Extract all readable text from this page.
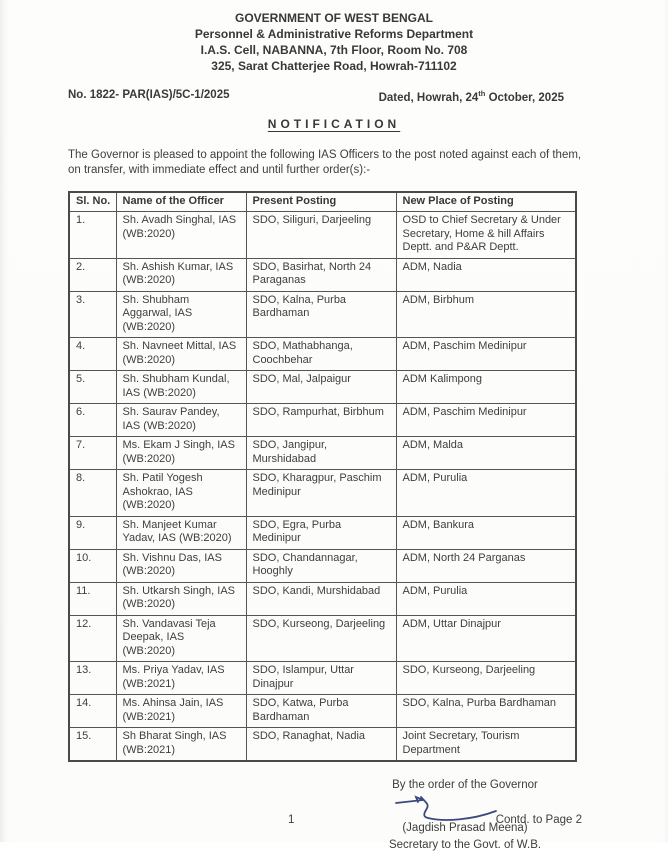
GOVERNMENT OF WEST BENGAL
Personnel & Administrative Reforms Department
I.A.S. Cell, NABANNA, 7th Floor, Room No. 708
325, Sarat Chatterjee Road, Howrah-711102
No. 1822- PAR(IAS)/5C-1/2025	Dated, Howrah, 24th October, 2025
NOTIFICATION

The Governor is pleased to appoint the following IAS Officers to the post noted against each of them, on transfer, with immediate effect and until further order(s):-

Sl. No.	Name of the Officer	Present Posting	New Place of Posting
1.	Sh. Avadh Singhal, IAS (WB:2020)	SDO, Siliguri, Darjeeling	OSD to Chief Secretary & Under Secretary, Home & hill Affairs Deptt. and P&AR Deptt.
2.	Sh. Ashish Kumar, IAS (WB:2020)	SDO, Basirhat, North 24 Paraganas	ADM, Nadia
3.	Sh. Shubham Aggarwal, IAS (WB:2020)	SDO, Kalna, Purba Bardhaman	ADM, Birbhum
4.	Sh. Navneet Mittal, IAS (WB:2020)	SDO, Mathabhanga, Coochbehar	ADM, Paschim Medinipur
5.	Sh. Shubham Kundal, IAS (WB:2020)	SDO, Mal, Jalpaigur	ADM Kalimpong
6.	Sh. Saurav Pandey, IAS (WB:2020)	SDO, Rampurhat, Birbhum	ADM, Paschim Medinipur
7.	Ms. Ekam J Singh, IAS (WB:2020)	SDO, Jangipur, Murshidabad	ADM, Malda
8.	Sh. Patil Yogesh Ashokrao, IAS (WB:2020)	SDO, Kharagpur, Paschim Medinipur	ADM, Purulia
9.	Sh. Manjeet Kumar Yadav, IAS (WB:2020)	SDO, Egra, Purba Medinipur	ADM, Bankura
10.	Sh. Vishnu Das, IAS (WB:2020)	SDO, Chandannagar, Hooghly	ADM, North 24 Parganas
11.	Sh. Utkarsh Singh, IAS (WB:2020)	SDO, Kandi, Murshidabad	ADM, Purulia
12.	Sh. Vandavasi Teja Deepak, IAS (WB:2020)	SDO, Kurseong, Darjeeling	ADM, Uttar Dinajpur
13.	Ms. Priya Yadav, IAS (WB:2021)	SDO, Islampur, Uttar Dinajpur	SDO, Kurseong, Darjeeling
14.	Ms. Ahinsa Jain, IAS (WB:2021)	SDO, Katwa, Purba Bardhaman	SDO, Kalna, Purba Bardhaman
15.	Sh Bharat Singh, IAS (WB:2021)	SDO, Ranaghat, Nadia	Joint Secretary, Tourism Department
By the order of the Governor
(Jagdish Prasad Meena)
Secretary to the Govt. of W.B.
1	Contd. to Page 2
